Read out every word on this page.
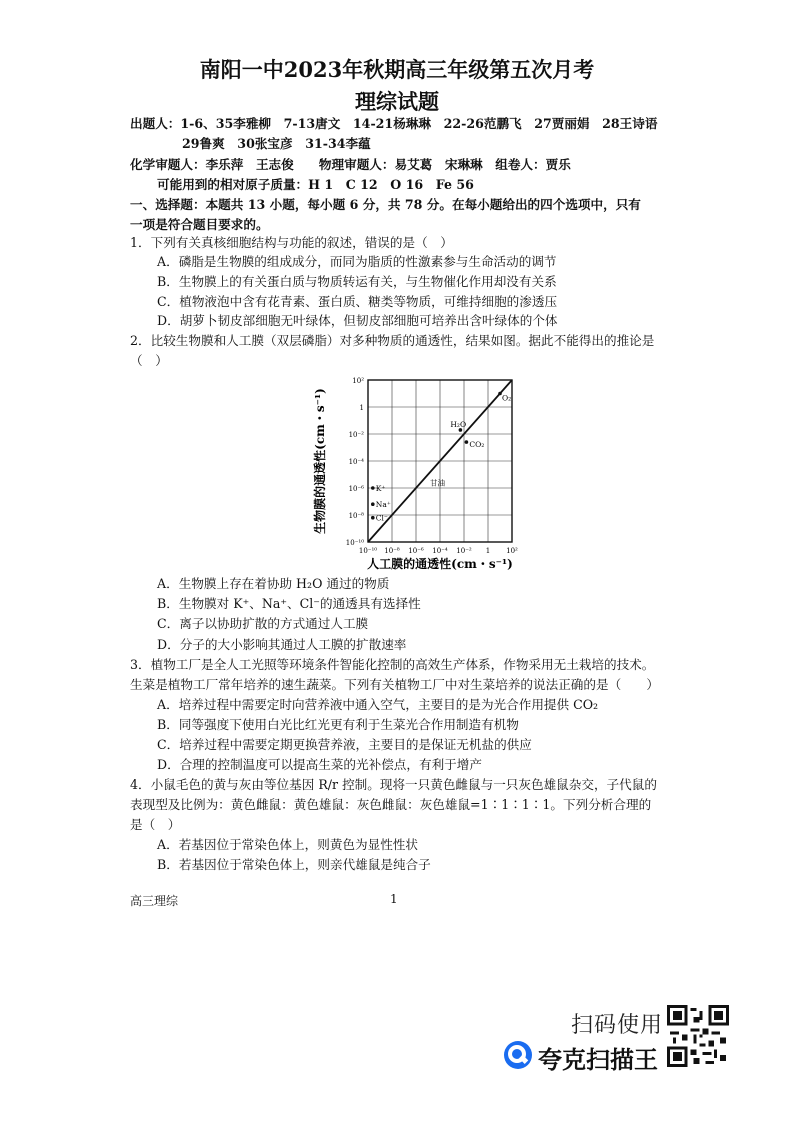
南阳一中2023年秋期高三年级第五次月考
理综试题
出题人：1-6、35李雅柳　7-13唐文　14-21杨琳琳　22-26范鹏飞　27贾丽娟　28王诗语
29鲁爽　30张宝彦　31-34李蕴
化学审题人：李乐萍　王志俊　　物理审题人：易艾葛　宋琳琳　组卷人：贾乐
可能用到的相对原子质量：H 1　C 12　O 16　Fe 56
一、选择题：本题共 13 小题，每小题 6 分，共 78 分。在每小题给出的四个选项中，只有
一项是符合题目要求的。
1．下列有关真核细胞结构与功能的叙述，错误的是（　）
A．磷脂是生物膜的组成成分，而同为脂质的性激素参与生命活动的调节
B．生物膜上的有关蛋白质与物质转运有关，与生物催化作用却没有关系
C．植物液泡中含有花青素、蛋白质、糖类等物质，可维持细胞的渗透压
D．胡萝卜韧皮部细胞无叶绿体，但韧皮部细胞可培养出含叶绿体的个体
2．比较生物膜和人工膜（双层磷脂）对多种物质的通透性，结果如图。据此不能得出的推论是
（　）
10⁻¹⁰ 10⁻⁸ 10⁻⁶ 10⁻⁴ 10⁻² 1 10²
10⁻¹⁰
10⁻⁸
10⁻⁶
10⁻⁴
10⁻²
1
10²
人工膜的通透性(cm・s⁻¹)
生物膜的通透性(cm・s⁻¹)	O₂
H₂O
CO₂
甘油
K⁺
Na⁺
Cl⁻
A．生物膜上存在着协助 H₂O 通过的物质
B．生物膜对 K⁺、Na⁺、Cl⁻的通透具有选择性
C．离子以协助扩散的方式通过人工膜
D．分子的大小影响其通过人工膜的扩散速率
3．植物工厂是全人工光照等环境条件智能化控制的高效生产体系，作物采用无土栽培的技术。
生菜是植物工厂常年培养的速生蔬菜。下列有关植物工厂中对生菜培养的说法正确的是（　　）
A．培养过程中需要定时向营养液中通入空气，主要目的是为光合作用提供 CO₂
B．同等强度下使用白光比红光更有利于生菜光合作用制造有机物
C．培养过程中需要定期更换营养液，主要目的是保证无机盐的供应
D．合理的控制温度可以提高生菜的光补偿点，有利于增产
4．小鼠毛色的黄与灰由等位基因 R/r 控制。现将一只黄色雌鼠与一只灰色雄鼠杂交，子代鼠的
表现型及比例为：黄色雌鼠：黄色雄鼠：灰色雌鼠：灰色雄鼠=1∶1∶1∶1。下列分析合理的
是（　）
A．若基因位于常染色体上，则黄色为显性性状
B．若基因位于常染色体上，则亲代雄鼠是纯合子
高三理综	1
扫码使用
夸克扫描王
